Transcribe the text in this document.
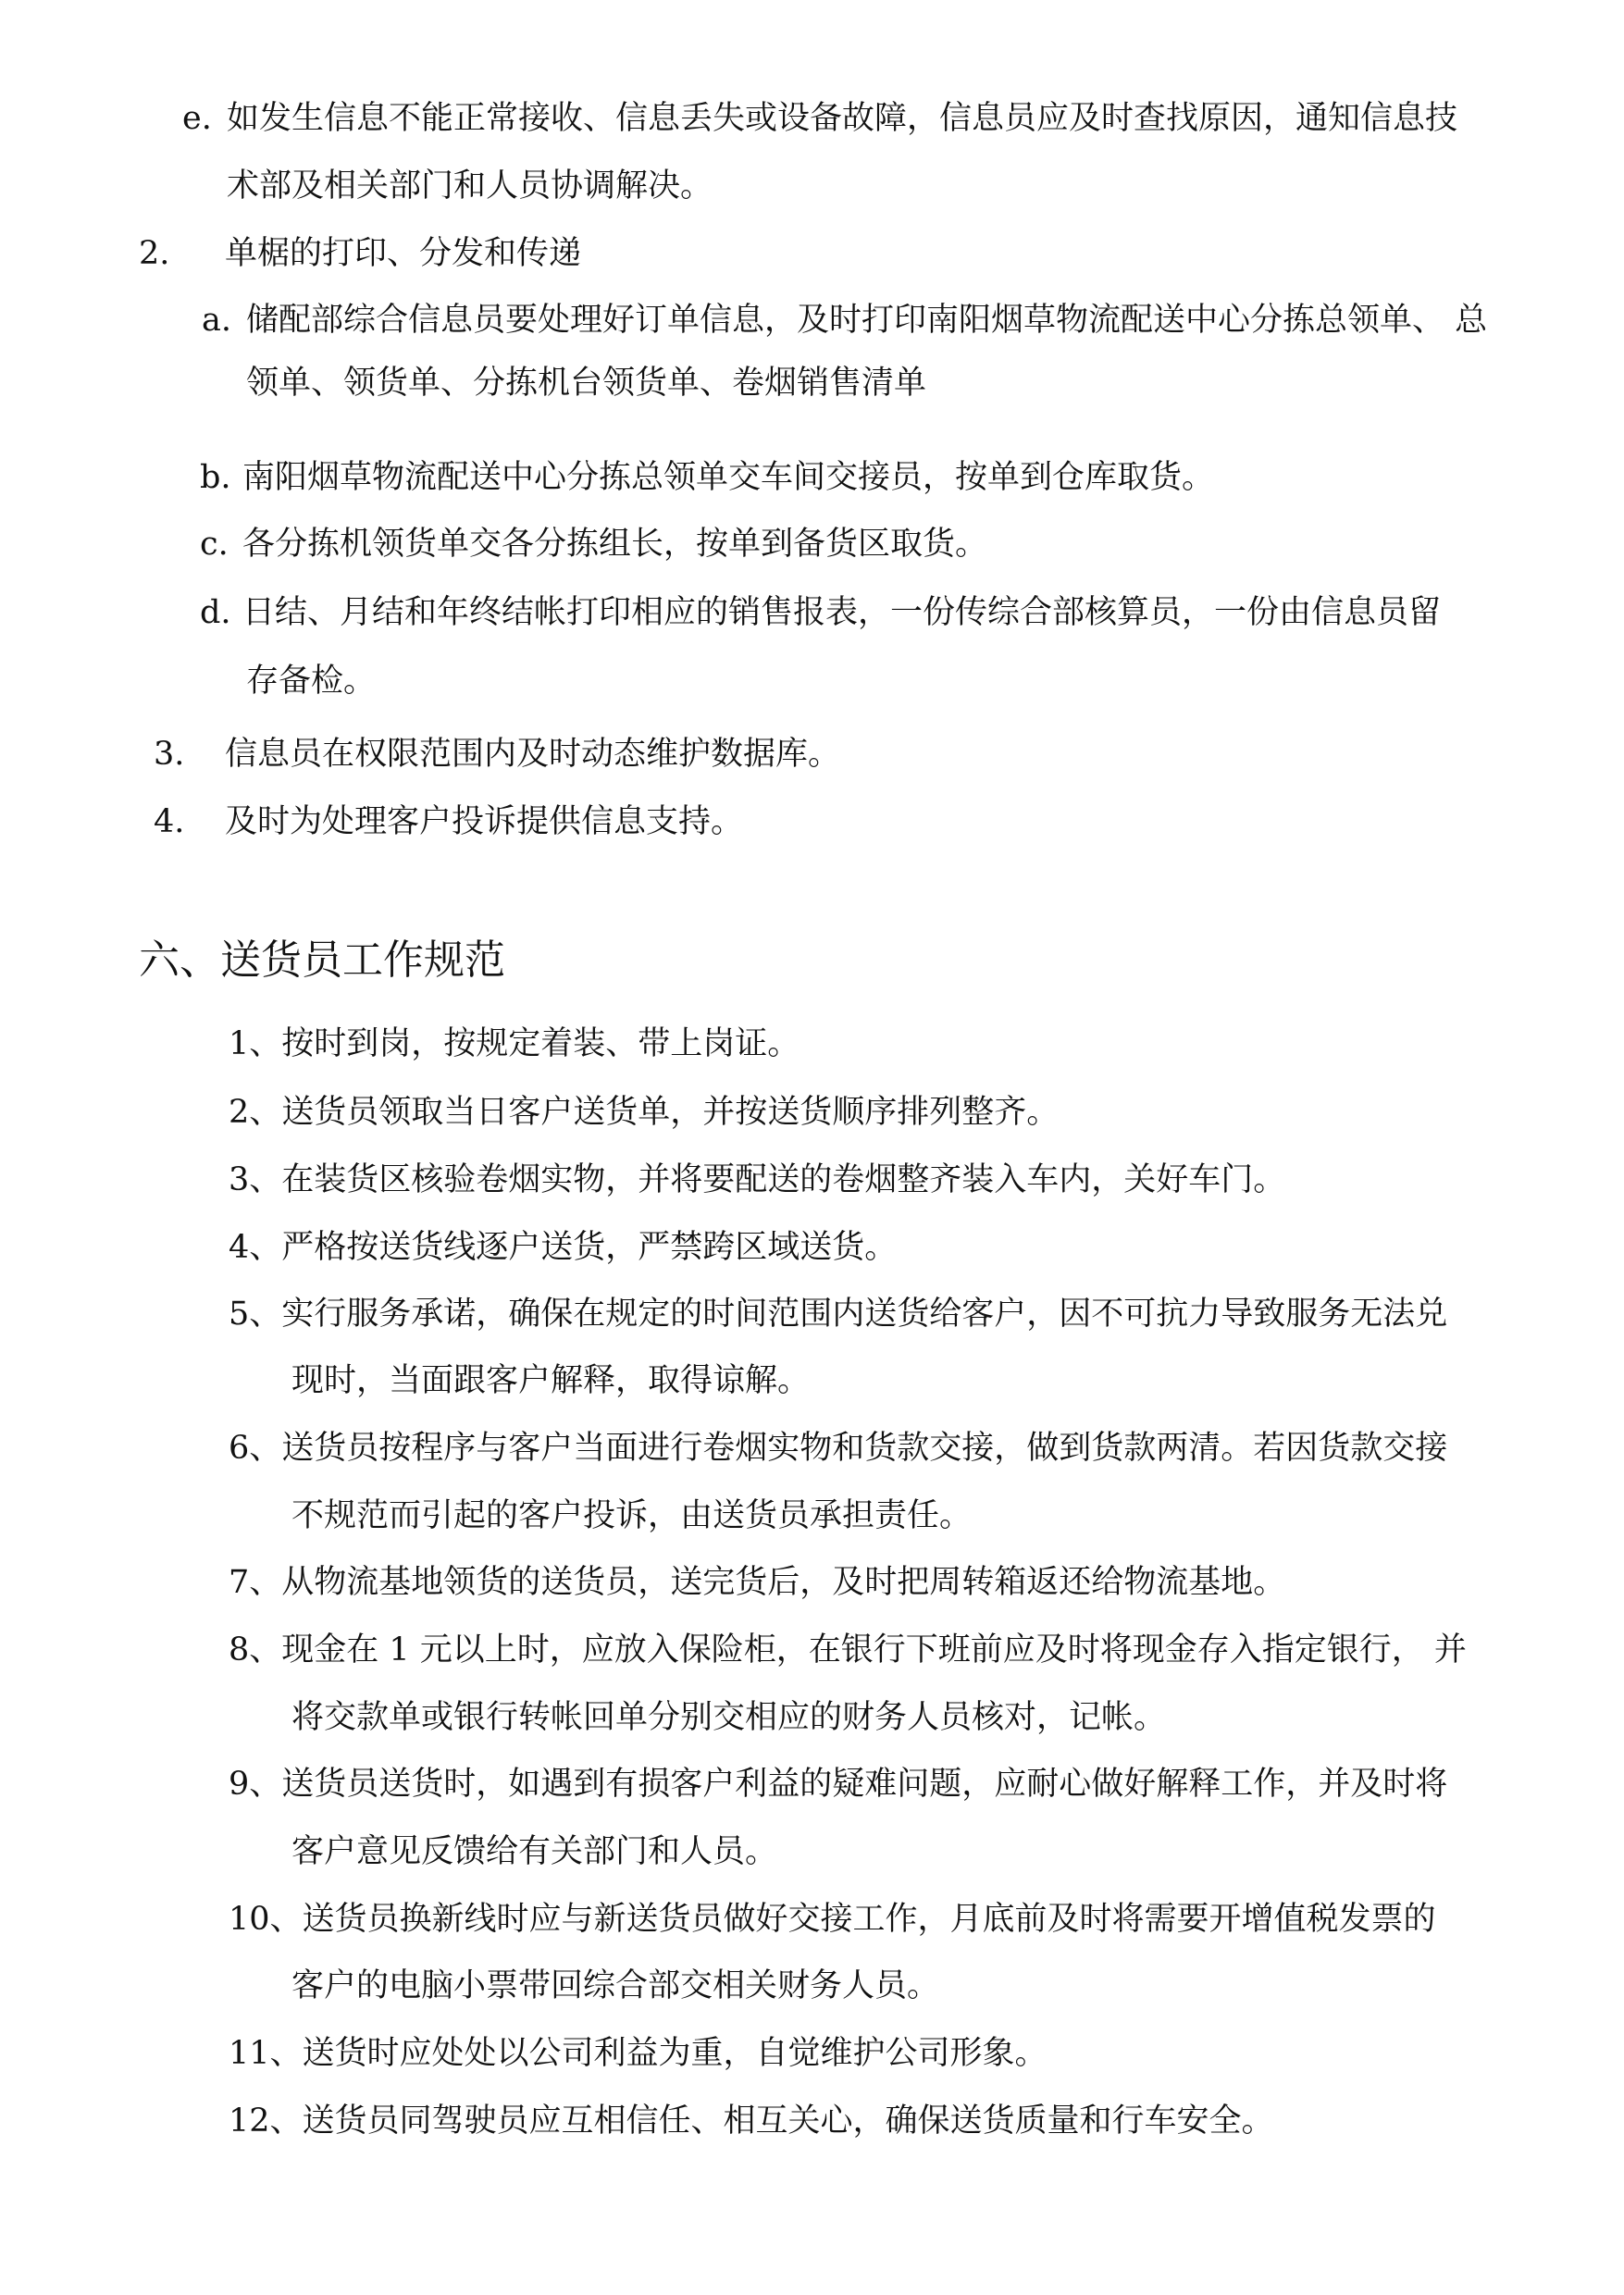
e. 如发生信息不能正常接收、信息丢失或设备故障，信息员应及时查找原因，通知信息技
术部及相关部门和人员协调解决。
2. 单椐的打印、分发和传递
a. 储配部综合信息员要处理好订单信息，及时打印南阳烟草物流配送中心分拣总领单、 总
领单、领货单、分拣机台领货单、卷烟销售清单
b. 南阳烟草物流配送中心分拣总领单交车间交接员，按单到仓库取货。
c. 各分拣机领货单交各分拣组长，按单到备货区取货。
d. 日结、月结和年终结帐打印相应的销售报表，一份传综合部核算员，一份由信息员留
存备检。
3. 信息员在权限范围内及时动态维护数据库。
4. 及时为处理客户投诉提供信息支持。
六、送货员工作规范
1、按时到岗，按规定着装、带上岗证。
2、送货员领取当日客户送货单，并按送货顺序排列整齐。
3、在装货区核验卷烟实物，并将要配送的卷烟整齐装入车内，关好车门。
4、严格按送货线逐户送货，严禁跨区域送货。
5、实行服务承诺，确保在规定的时间范围内送货给客户，因不可抗力导致服务无法兑
现时，当面跟客户解释，取得谅解。
6、送货员按程序与客户当面进行卷烟实物和货款交接，做到货款两清。若因货款交接
不规范而引起的客户投诉，由送货员承担责任。
7、从物流基地领货的送货员，送完货后，及时把周转箱返还给物流基地。
8、现金在 1 元以上时，应放入保险柜，在银行下班前应及时将现金存入指定银行， 并
将交款单或银行转帐回单分别交相应的财务人员核对，记帐。
9、送货员送货时，如遇到有损客户利益的疑难问题，应耐心做好解释工作，并及时将
客户意见反馈给有关部门和人员。
10、送货员换新线时应与新送货员做好交接工作，月底前及时将需要开增值税发票的
客户的电脑小票带回综合部交相关财务人员。
11、送货时应处处以公司利益为重，自觉维护公司形象。
12、送货员同驾驶员应互相信任、相互关心，确保送货质量和行车安全。
